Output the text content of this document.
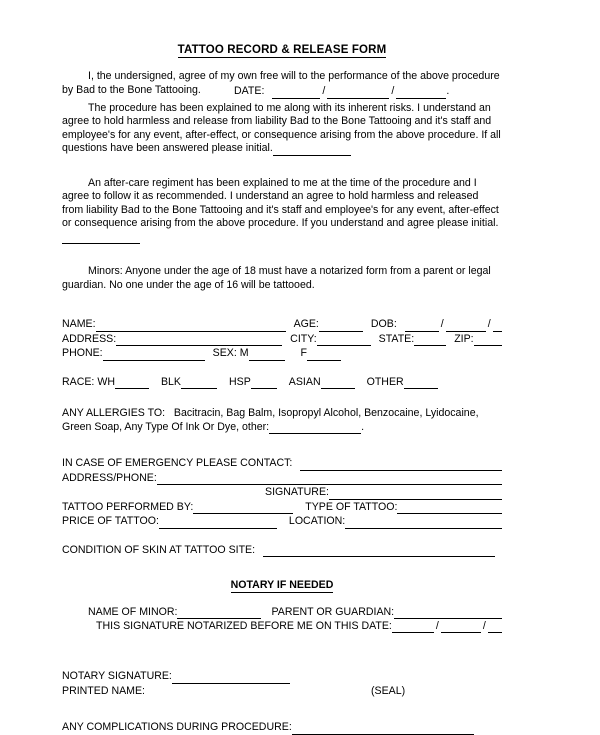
TATTOO RECORD & RELEASE FORM

I, the undersigned, agree of my own free will to the performance of the above procedure by Bad to the Bone Tattooing.	DATE:	/	/	.

The procedure has been explained to me along with its inherent risks. I understand an agree to hold harmless and release from liability Bad to the Bone Tattooing and it's staff and employee's for any event, after-effect, or consequence arising from the above procedure. If all questions have been answered please initial.

An after-care regiment has been explained to me at the time of the procedure and I agree to follow it as recommended. I understand an agree to hold harmless and released from liability Bad to the Bone Tattooing and it's staff and employee's for any event, after-effect or consequence arising from the above procedure. If you understand and agree please initial.

Minors: Anyone under the age of 18 must have a notarized form from a parent or legal guardian. No one under the age of 16 will be tattooed.

NAME:	AGE:	DOB:	/	/
ADDRESS:	CITY:	STATE:	ZIP:
PHONE:	SEX: M	F
RACE: WH	BLK	HSP	ASIAN	OTHER

ANY ALLERGIES TO: Bacitracin, Bag Balm, Isopropyl Alcohol, Benzocaine, Lyidocaine, Green Soap, Any Type Of Ink Or Dye, other:	.

IN CASE OF EMERGENCY PLEASE CONTACT:
ADDRESS/PHONE:
SIGNATURE:
TATTOO PERFORMED BY:	TYPE OF TATTOO:
PRICE OF TATTOO:	LOCATION:
CONDITION OF SKIN AT TATTOO SITE:
NOTARY IF NEEDED
NAME OF MINOR:	PARENT OR GUARDIAN:
THIS SIGNATURE NOTARIZED BEFORE ME ON THIS DATE:	/	/
NOTARY SIGNATURE:
PRINTED NAME:	(SEAL)
ANY COMPLICATIONS DURING PROCEDURE:
